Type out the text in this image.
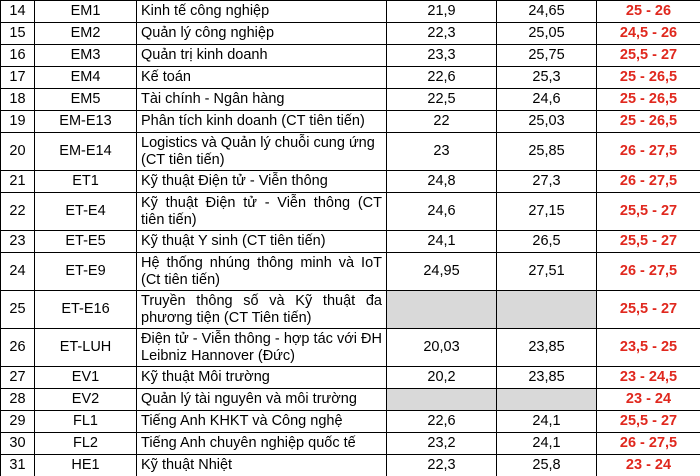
14	EM1	Kinh tế công nghiệp	21,9	24,65	25 - 26
15	EM2	Quản lý công nghiệp	22,3	25,05	24,5 - 26
16	EM3	Quản trị kinh doanh	23,3	25,75	25,5 - 27
17	EM4	Kế toán	22,6	25,3	25 - 26,5
18	EM5	Tài chính - Ngân hàng	22,5	24,6	25 - 26,5
19	EM-E13	Phân tích kinh doanh (CT tiên tiến)	22	25,03	25 - 26,5
20	EM-E14	Logistics và Quản lý chuỗi cung ứng (CT tiên tiến)	23	25,85	26 - 27,5
21	ET1	Kỹ thuật Điện tử - Viễn thông	24,8	27,3	26 - 27,5
22	ET-E4	Kỹ thuật Điện tử - Viễn thông (CT tiên tiến)	24,6	27,15	25,5 - 27
23	ET-E5	Kỹ thuật Y sinh (CT tiên tiến)	24,1	26,5	25,5 - 27
24	ET-E9	Hệ thống nhúng thông minh và IoT (Ct tiên tiến)	24,95	27,51	26 - 27,5
25	ET-E16	Truyền thông số và Kỹ thuật đa phương tiện (CT Tiên tiến)			25,5 - 27
26	ET-LUH	Điện tử - Viễn thông - hợp tác với ĐH Leibniz Hannover (Đức)	20,03	23,85	23,5 - 25
27	EV1	Kỹ thuật Môi trường	20,2	23,85	23 - 24,5
28	EV2	Quản lý tài nguyên và môi trường			23 - 24
29	FL1	Tiếng Anh KHKT và Công nghệ	22,6	24,1	25,5 - 27
30	FL2	Tiếng Anh chuyên nghiệp quốc tế	23,2	24,1	26 - 27,5
31	HE1	Kỹ thuật Nhiệt	22,3	25,8	23 - 24
